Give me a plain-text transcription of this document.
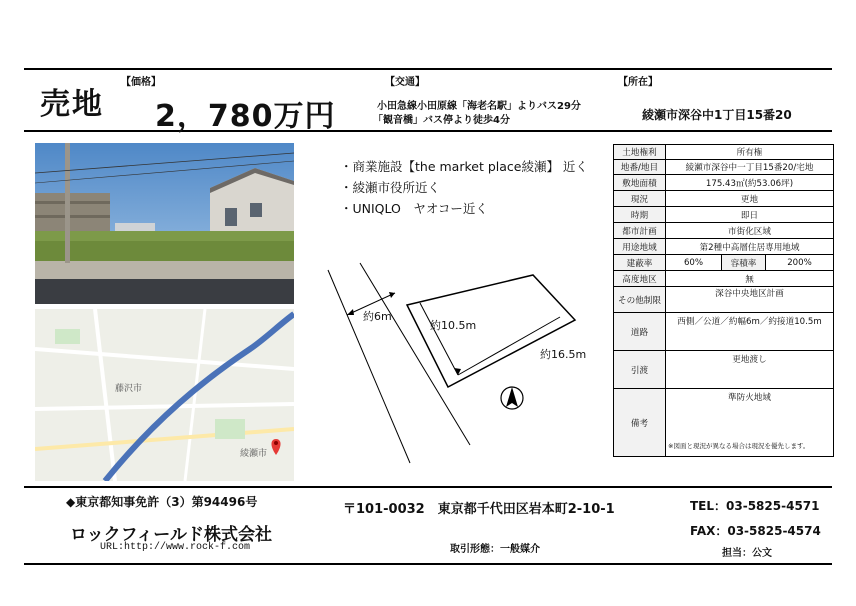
売地
【価格】
2，780万円
【交通】
小田急線小田原線「海老名駅」よりバス29分
「観音橋」バス停より徒歩4分
【所在】
綾瀬市深谷中1丁目15番20
藤沢市
綾瀬市
・商業施設【the market place綾瀬】 近く
・綾瀬市役所近く
・UNIQLO　ヤオコー近く
約6m
約10.5m
約16.5m
土地権利	所有権		
地番/地目	綾瀬市深谷中一丁目15番20/宅地		
敷地面積	175.43㎡(約53.06坪)		
現況	更地		
時期	即日		
都市計画	市街化区域		
用途地域	第2種中高層住居専用地域		
建蔽率	60%	容積率	200%
高度地区	無		
その他制限	深谷中央地区計画		
道路	西側／公道／約幅6m／約接道10.5m		
引渡	更地渡し		
備考	準防火地域
※図面と現況が異なる場合は現況を優先します。		
◆東京都知事免許（3）第94496号
ロックフィールド株式会社
URL:http://www.rock-f.com
〒101-0032　東京都千代田区岩本町2-10-1
取引形態：一般媒介
TEL：03-5825-4571
FAX：03-5825-4574
担当：公文
